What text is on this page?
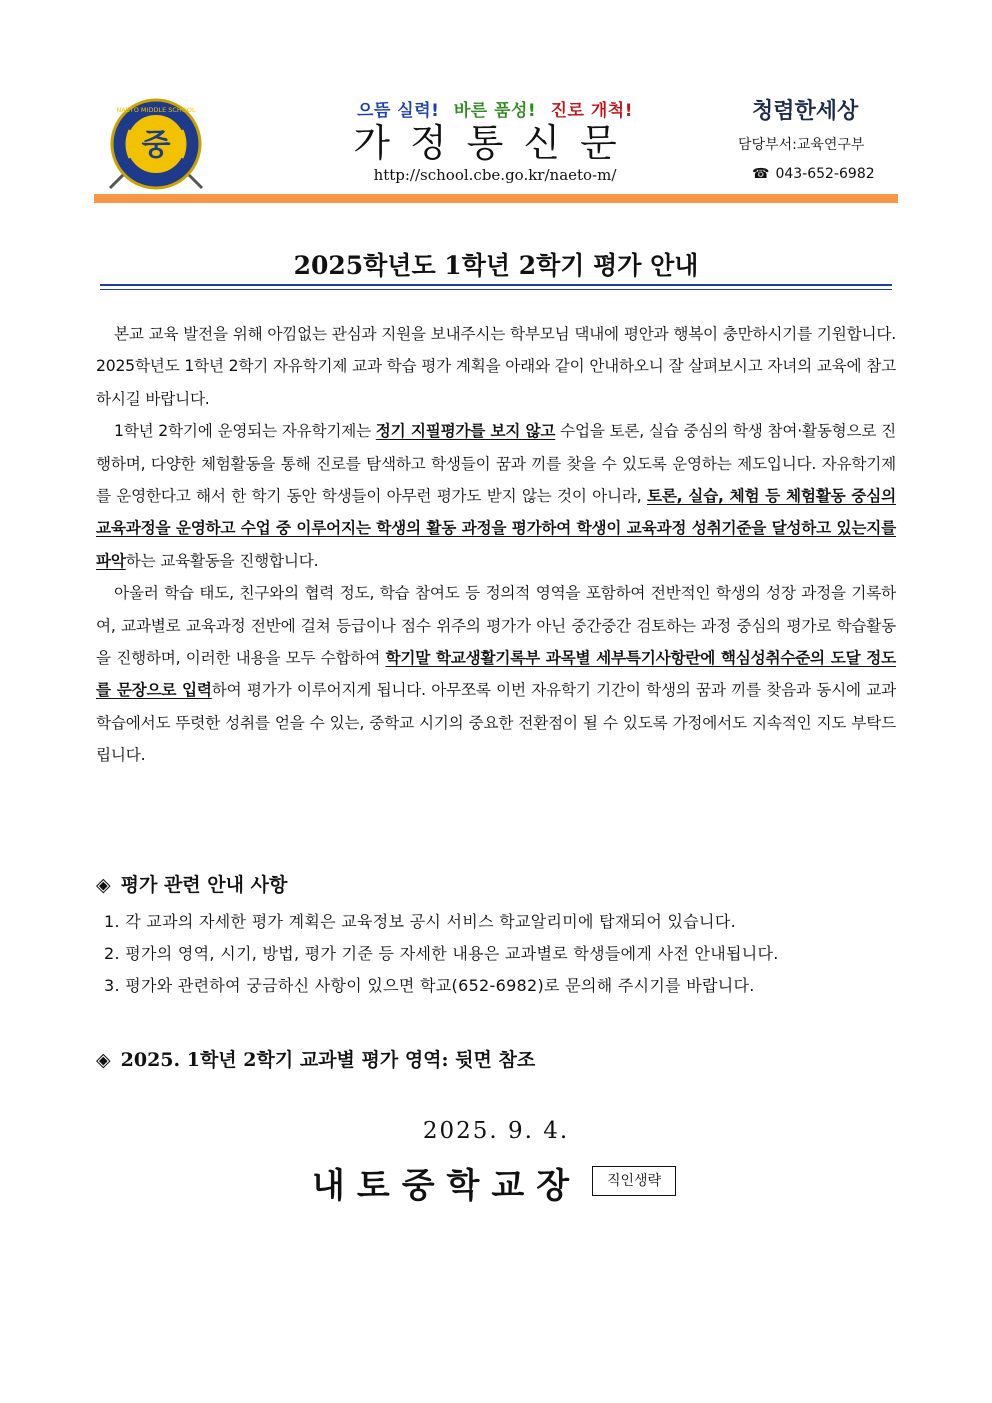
중
NAETO MIDDLE SCHOOL	으뜸 실력! 바른 품성! 진로 개척!
가정통신문
http://school.cbe.go.kr/naeto-m/
청렴한세상
담당부서:교육연구부
☎ 043-652-6982
2025학년도 1학년 2학기 평가 안내

본교 교육 발전을 위해 아낌없는 관심과 지원을 보내주시는 학부모님 댁내에 평안과 행복이 충만하시기를 기원합니다. 2025학년도 1학년 2학기 자유학기제 교과 학습 평가 계획을 아래와 같이 안내하오니 잘 살펴보시고 자녀의 교육에 참고하시길 바랍니다.

1학년 2학기에 운영되는 자유학기제는 정기 지필평가를 보지 않고 수업을 토론, 실습 중심의 학생 참여·활동형으로 진행하며, 다양한 체험활동을 통해 진로를 탐색하고 학생들이 꿈과 끼를 찾을 수 있도록 운영하는 제도입니다. 자유학기제를 운영한다고 해서 한 학기 동안 학생들이 아무런 평가도 받지 않는 것이 아니라, 토론, 실습, 체험 등 체험활동 중심의 교육과정을 운영하고 수업 중 이루어지는 학생의 활동 과정을 평가하여 학생이 교육과정 성취기준을 달성하고 있는지를 파악하는 교육활동을 진행합니다.

아울러 학습 태도, 친구와의 협력 정도, 학습 참여도 등 정의적 영역을 포함하여 전반적인 학생의 성장 과정을 기록하여, 교과별로 교육과정 전반에 걸쳐 등급이나 점수 위주의 평가가 아닌 중간중간 검토하는 과정 중심의 평가로 학습활동을 진행하며, 이러한 내용을 모두 수합하여 학기말 학교생활기록부 과목별 세부특기사항란에 핵심성취수준의 도달 정도를 문장으로 입력하여 평가가 이루어지게 됩니다. 아무쪼록 이번 자유학기 기간이 학생의 꿈과 끼를 찾음과 동시에 교과 학습에서도 뚜렷한 성취를 얻을 수 있는, 중학교 시기의 중요한 전환점이 될 수 있도록 가정에서도 지속적인 지도 부탁드립니다.

◈ 평가 관련 안내 사항
1. 각 교과의 자세한 평가 계획은 교육정보 공시 서비스 학교알리미에 탑재되어 있습니다.
2. 평가의 영역, 시기, 방법, 평가 기준 등 자세한 내용은 교과별로 학생들에게 사전 안내됩니다.
3. 평가와 관련하여 궁금하신 사항이 있으면 학교(652-6982)로 문의해 주시기를 바랍니다.
◈ 2025. 1학년 2학기 교과별 평가 영역: 뒷면 참조
2025. 9. 4.
내토중학교장	직인생략
